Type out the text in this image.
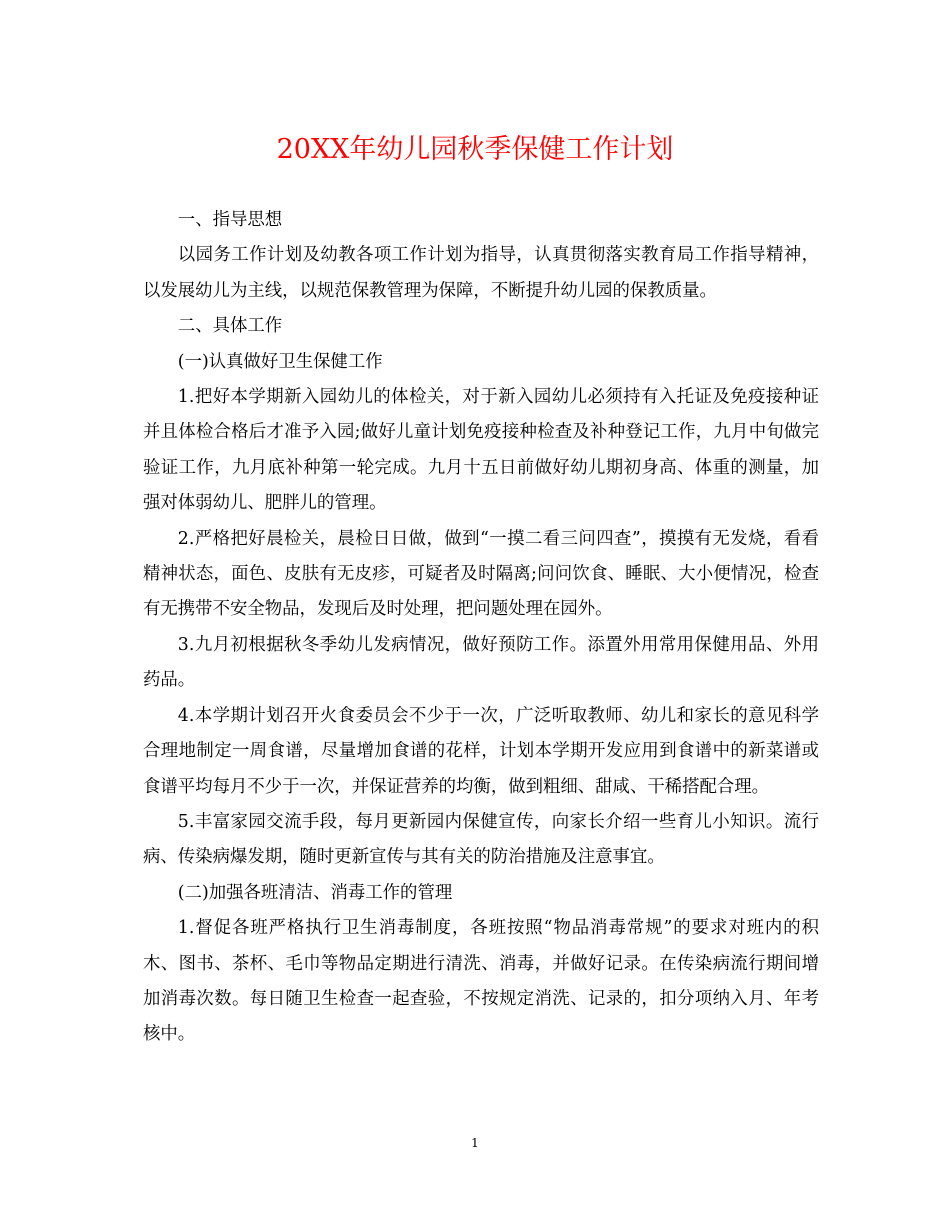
20XX年幼儿园秋季保健工作计划

一、指导思想

以园务工作计划及幼教各项工作计划为指导，认真贯彻落实教育局工作指导精神，以发展幼儿为主线，以规范保教管理为保障，不断提升幼儿园的保教质量。

二、具体工作

(一)认真做好卫生保健工作

1.把好本学期新入园幼儿的体检关，对于新入园幼儿必须持有入托证及免疫接种证并且体检合格后才准予入园;做好儿童计划免疫接种检查及补种登记工作，九月中旬做完验证工作，九月底补种第一轮完成。九月十五日前做好幼儿期初身高、体重的测量，加强对体弱幼儿、肥胖儿的管理。

2.严格把好晨检关，晨检日日做，做到“一摸二看三问四查”，摸摸有无发烧，看看精神状态，面色、皮肤有无皮疹，可疑者及时隔离;问问饮食、睡眠、大小便情况，检查有无携带不安全物品，发现后及时处理，把问题处理在园外。

3.九月初根据秋冬季幼儿发病情况，做好预防工作。添置外用常用保健用品、外用药品。

4.本学期计划召开火食委员会不少于一次，广泛听取教师、幼儿和家长的意见科学合理地制定一周食谱，尽量增加食谱的花样，计划本学期开发应用到食谱中的新菜谱或食谱平均每月不少于一次，并保证营养的均衡，做到粗细、甜咸、干稀搭配合理。

5.丰富家园交流手段，每月更新园内保健宣传，向家长介绍一些育儿小知识。流行病、传染病爆发期，随时更新宣传与其有关的防治措施及注意事宜。

(二)加强各班清洁、消毒工作的管理

1.督促各班严格执行卫生消毒制度，各班按照“物品消毒常规”的要求对班内的积木、图书、茶杯、毛巾等物品定期进行清洗、消毒，并做好记录。在传染病流行期间增加消毒次数。每日随卫生检查一起查验，不按规定消洗、记录的，扣分项纳入月、年考核中。

1
